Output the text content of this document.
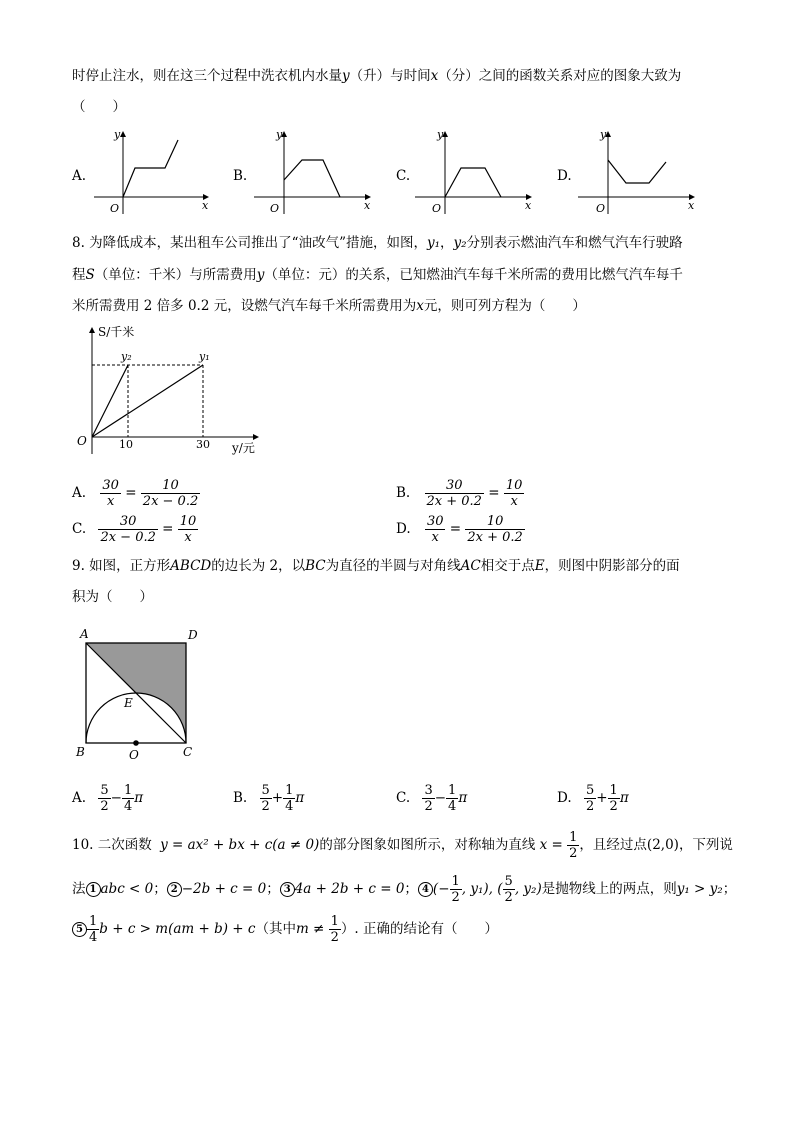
时停止注水，则在这三个过程中洗衣机内水量y（升）与时间x（分）之间的函数关系对应的图象大致为
（　　）
A.
y
x
O
B.
y
x
O
C.
y
x
O
D.
y
x
O
8. 为降低成本，某出租车公司推出了“油改气”措施，如图，y₁，y₂分别表示燃油汽车和燃气汽车行驶路
程S（单位：千米）与所需费用y（单位：元）的关系，已知燃油汽车每千米所需的费用比燃气汽车每千
米所需费用 2 倍多 0.2 元，设燃气汽车每千米所需费用为x元，则可列方程为（　　）
S/千米
y/元
O	10	30
y₂	y₁
A. $\frac{30}{x} = \frac{10}{2x - 0.2}$	B. $\frac{30}{2x + 0.2} = \frac{10}{x}$
C. $\frac{30}{2x - 0.2} = \frac{10}{x}$	D. $\frac{30}{x} = \frac{10}{2x + 0.2}$
9. 如图，正方形ABCD的边长为 2，以BC为直径的半圆与对角线AC相交于点E，则图中阴影部分的面
积为（　　）
A	D
B	C
E
O
A. $\frac{5}{2} - \frac{1}{4}$ π	B. $\frac{5}{2} + \frac{1}{4}$ π	C. $\frac{3}{2} - \frac{1}{4}$ π	D. $\frac{5}{2} + \frac{1}{2}$ π
10. 二次函数 y = ax² + bx + c(a ≠ 0)的部分图象如图所示，对称轴为直线 $x = \frac{1}{2}$ ，且经过点(2,0)，下列说
法 1 abc < 0； 2 −2b + c = 0； 3 4a + 2b + c = 0； 4 (− $\frac{1}{2}$ , y₁), ( $\frac{5}{2}$ , y₂)是抛物线上的两点，则y₁ > y₂；
$5 \frac{1}{4}$ b + c > m(am + b) + c（其中$m \ne \frac{1}{2}$ ）. 正确的结论有（　　）
